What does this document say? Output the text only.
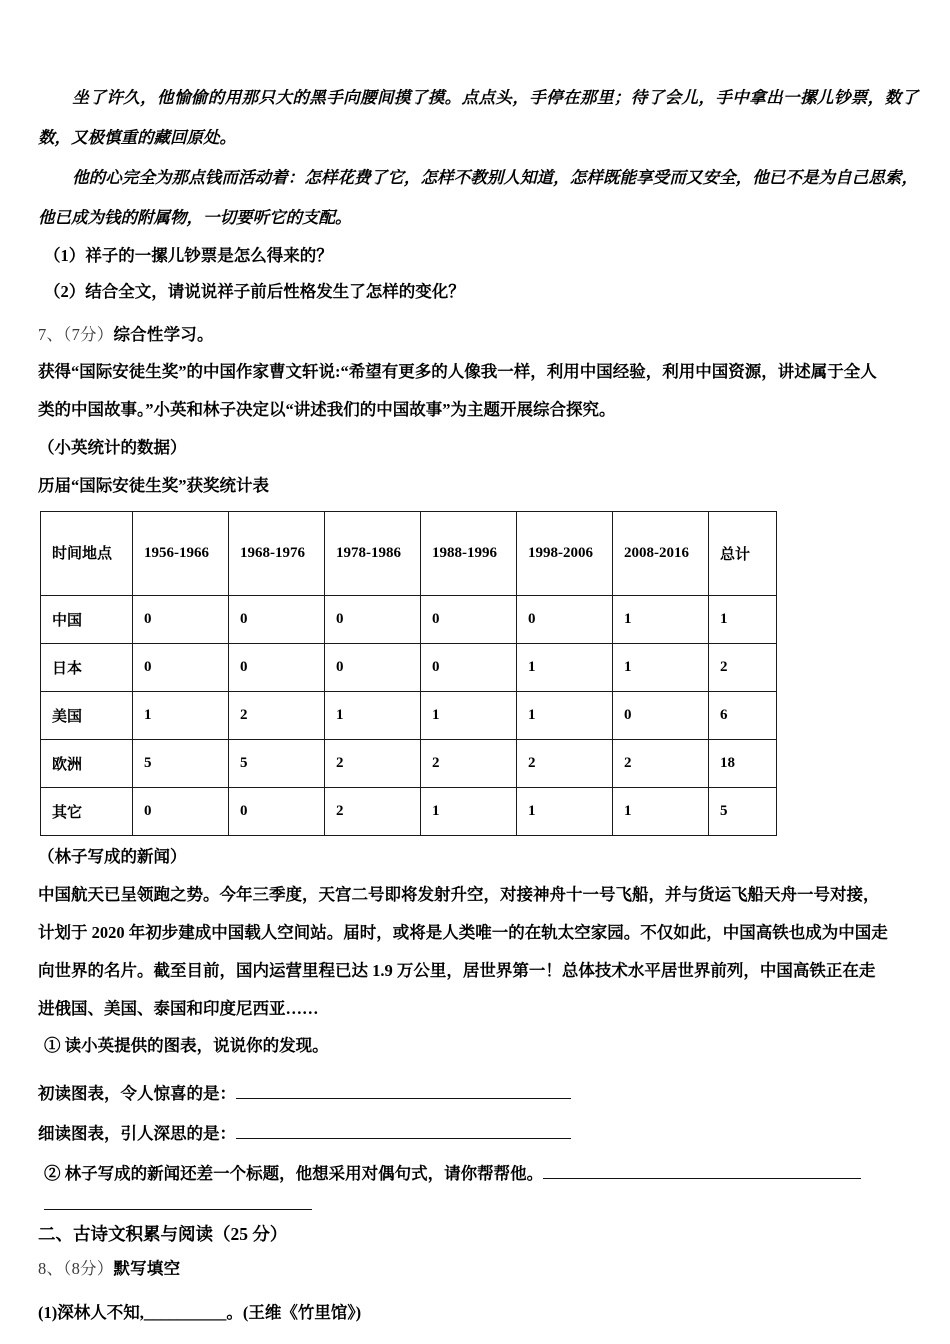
坐了许久，他愉偷的用那只大的黑手向腰间摸了摸。点点头，手停在那里；待了会儿，手中拿出一摞儿钞票，数了数，又极慎重的藏回原处。

他的心完全为那点钱而活动着：怎样花费了它，怎样不教别人知道，怎样既能享受而又安全，他已不是为自己思索，他已成为钱的附属物，一切要听它的支配。

（1）祥子的一摞儿钞票是怎么得来的？

（2）结合全文，请说说祥子前后性格发生了怎样的变化？

7、（7分）综合性学习。

获得“国际安徒生奖”的中国作家曹文轩说:“希望有更多的人像我一样，利用中国经验，利用中国资源，讲述属于全人

类的中国故事。”小英和林子决定以“讲述我们的中国故事”为主题开展综合探究。

（小英统计的数据）

历届“国际安徒生奖”获奖统计表

时间地点	1956-1966	1968-1976	1978-1986	1988-1996	1998-2006	2008-2016	总计
中国	0	0	0	0	0	1	1
日本	0	0	0	0	1	1	2
美国	1	2	1	1	1	0	6
欧洲	5	5	2	2	2	2	18
其它	0	0	2	1	1	1	5

（林子写成的新闻）

中国航天已呈领跑之势。今年三季度，天宫二号即将发射升空，对接神舟十一号飞船，并与货运飞船天舟一号对接，

计划于 2020 年初步建成中国载人空间站。届时，或将是人类唯一的在轨太空家园。不仅如此，中国高铁也成为中国走

向世界的名片。截至目前，国内运营里程已达 1.9 万公里，居世界第一！总体技术水平居世界前列，中国高铁正在走

进俄国、美国、泰国和印度尼西亚……

① 读小英提供的图表，说说你的发现。

初读图表，令人惊喜的是：

细读图表，引人深思的是：

② 林子写成的新闻还差一个标题，他想采用对偶句式，请你帮帮他。

二、古诗文积累与阅读（25 分）

8、（8分）默写填空

(1)深林人不知,__________。(王维《竹里馆》)
